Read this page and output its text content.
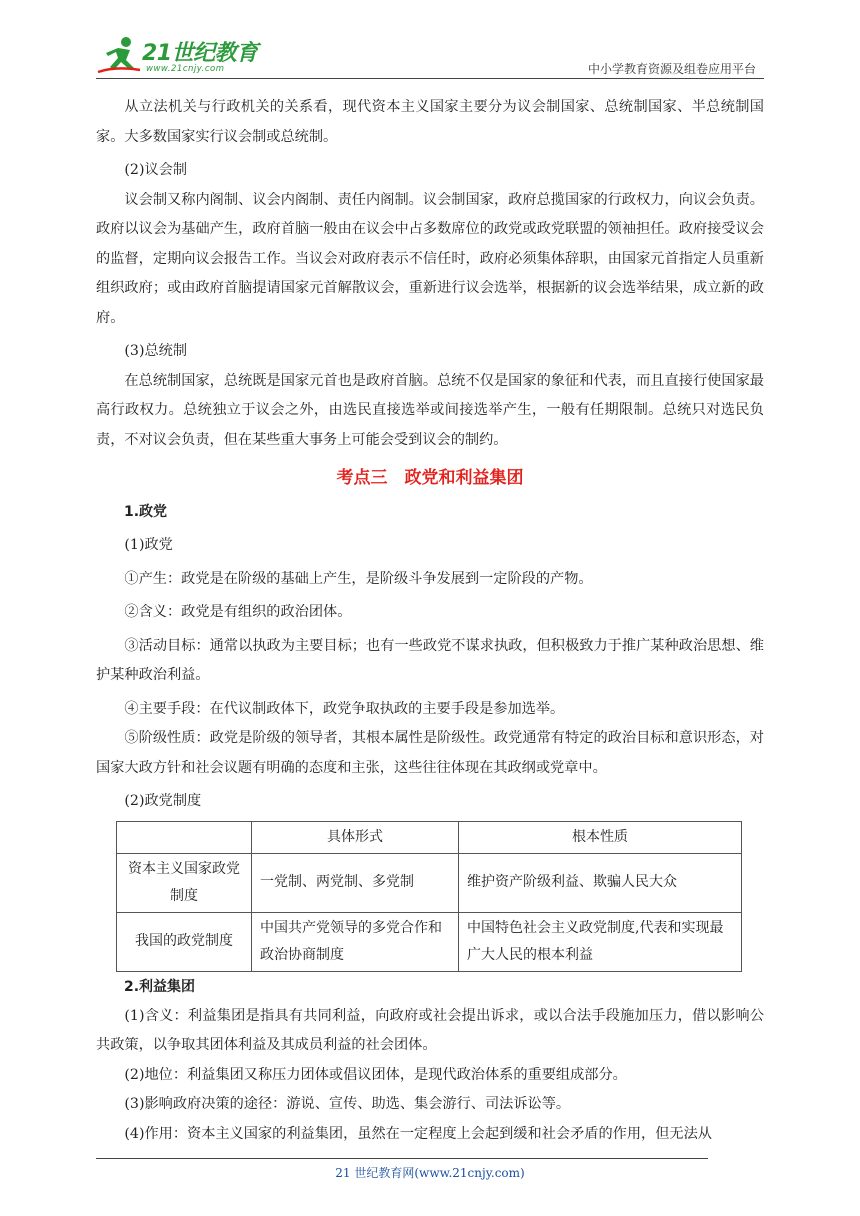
21世纪教育
www.21cnjy.com	中小学教育资源及组卷应用平台

从立法机关与行政机关的关系看，现代资本主义国家主要分为议会制国家、总统制国家、半总统制国家。大多数国家实行议会制或总统制。

(2)议会制

议会制又称内阁制、议会内阁制、责任内阁制。议会制国家，政府总揽国家的行政权力，向议会负责。政府以议会为基础产生，政府首脑一般由在议会中占多数席位的政党或政党联盟的领袖担任。政府接受议会的监督，定期向议会报告工作。当议会对政府表示不信任时，政府必须集体辞职，由国家元首指定人员重新组织政府；或由政府首脑提请国家元首解散议会，重新进行议会选举，根据新的议会选举结果，成立新的政府。

(3)总统制

在总统制国家，总统既是国家元首也是政府首脑。总统不仅是国家的象征和代表，而且直接行使国家最高行政权力。总统独立于议会之外，由选民直接选举或间接选举产生，一般有任期限制。总统只对选民负责，不对议会负责，但在某些重大事务上可能会受到议会的制约。

考点三　政党和利益集团

1.政党

(1)政党

①产生：政党是在阶级的基础上产生，是阶级斗争发展到一定阶段的产物。

②含义：政党是有组织的政治团体。

③活动目标：通常以执政为主要目标；也有一些政党不谋求执政，但积极致力于推广某种政治思想、维护某种政治利益。

④主要手段：在代议制政体下，政党争取执政的主要手段是参加选举。

⑤阶级性质：政党是阶级的领导者，其根本属性是阶级性。政党通常有特定的政治目标和意识形态，对国家大政方针和社会议题有明确的态度和主张，这些往往体现在其政纲或党章中。

(2)政党制度

	具体形式	根本性质
资本主义国家政党制度	一党制、两党制、多党制	维护资产阶级利益、欺骗人民大众
我国的政党制度	中国共产党领导的多党合作和政治协商制度	中国特色社会主义政党制度,代表和实现最广大人民的根本利益

2.利益集团

(1)含义：利益集团是指具有共同利益，向政府或社会提出诉求，或以合法手段施加压力，借以影响公共政策，以争取其团体利益及其成员利益的社会团体。

(2)地位：利益集团又称压力团体或倡议团体，是现代政治体系的重要组成部分。

(3)影响政府决策的途径：游说、宣传、助选、集会游行、司法诉讼等。

(4)作用：资本主义国家的利益集团，虽然在一定程度上会起到缓和社会矛盾的作用，但无法从

21 世纪教育网(www.21cnjy.com)
